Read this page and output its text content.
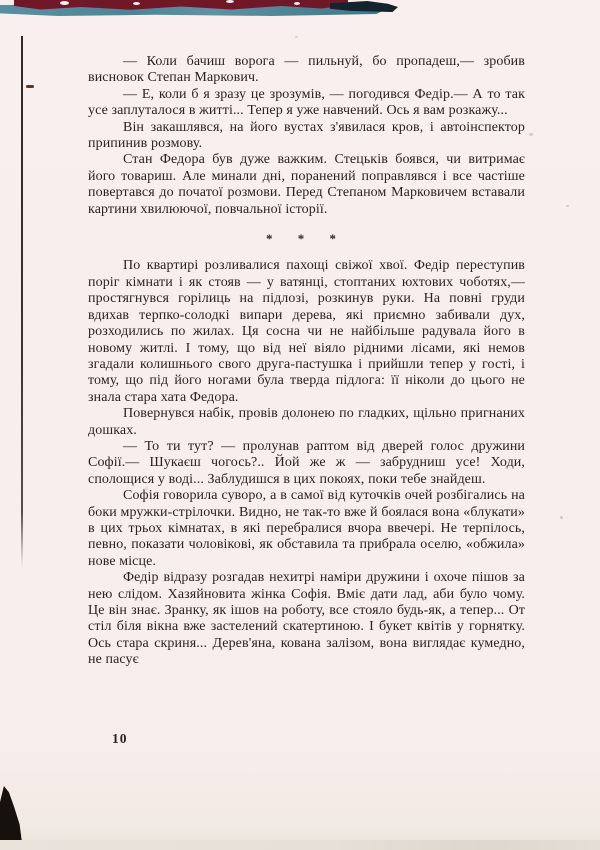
— Коли бачиш ворога — пильнуй, бо пропадеш,— зробив висновок Степан Маркович.

— Е, коли б я зразу це зрозумів, — погодився Федір.— А то так усе заплуталося в житті... Тепер я уже навчений. Ось я вам розкажу...

Він закашлявся, на його вустах з'явилася кров, і автоінспектор припинив розмову.

Стан Федора був дуже важким. Стецьків боявся, чи витримає його товариш. Але минали дні, поранений поправлявся і все частіше повертався до початої розмови. Перед Степаном Марковичем вставали картини хвилюючої, повчальної історії.

* * *

По квартирі розливалися пахощі свіжої хвої. Федір переступив поріг кімнати і як стояв — у ватянці, стоптаних юхтових чоботях,— простягнувся горілиць на підлозі, розкинув руки. На повні груди вдихав терпко-солодкі випари дерева, які приємно забивали дух, розходились по жилах. Ця сосна чи не найбільше радувала його в новому житлі. І тому, що від неї віяло рідними лісами, які немов згадали колишнього свого друга-пастушка і прийшли тепер у гості, і тому, що під його ногами була тверда підлога: її ніколи до цього не знала стара хата Федора.

Повернувся набік, провів долонею по гладких, щільно пригнаних дошках.

— То ти тут? — пролунав раптом від дверей голос дружини Софії.— Шукаєш чогось?.. Йой же ж — забрудниш усе! Ходи, сполощися у воді... Заблудишся в цих покоях, поки тебе знайдеш.

Софія говорила суворо, а в самої від куточків очей розбігались на боки мружки-стрілочки. Видно, не так-то вже й боялася вона «блукати» в цих трьох кімнатах, в які перебралися вчора ввечері. Не терпілось, певно, показати чоловікові, як обставила та прибрала оселю, «обжила» нове місце.

Федір відразу розгадав нехитрі наміри дружини і охоче пішов за нею слідом. Хазяйновита жінка Софія. Вміє дати лад, аби було чому. Це він знає. Зранку, як ішов на роботу, все стояло будь-як, а тепер... От стіл біля вікна вже застелений скатертиною. І букет квітів у горнятку. Ось стара скриня... Дерев'яна, кована залізом, вона виглядає кумедно, не пасує

10
